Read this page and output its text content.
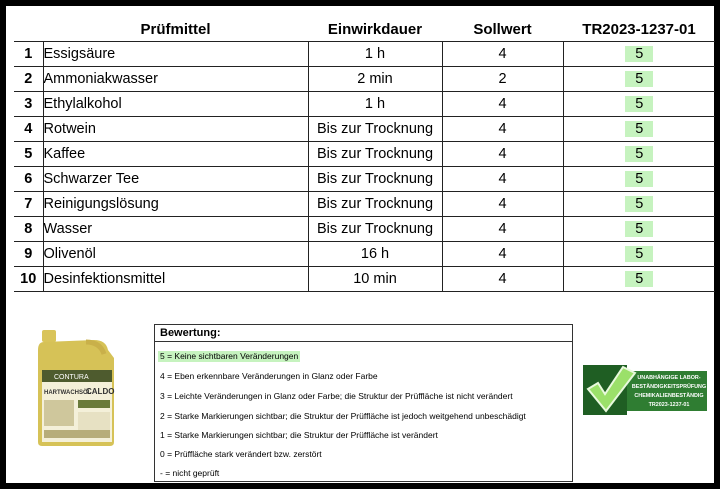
	Prüfmittel	Einwirkdauer	Sollwert	TR2023-1237-01
1	Essigsäure	1 h	4	5
2	Ammoniakwasser	2 min	2	5
3	Ethylalkohol	1 h	4	5
4	Rotwein	Bis zur Trocknung	4	5
5	Kaffee	Bis zur Trocknung	4	5
6	Schwarzer Tee	Bis zur Trocknung	4	5
7	Reinigungslösung	Bis zur Trocknung	4	5
8	Wasser	Bis zur Trocknung	4	5
9	Olivenöl	16 h	4	5
10	Desinfektionsmittel	10 min	4	5
CONTURA
HARTWACHSÖL
CALDO
Bewertung:
5 = Keine sichtbaren Veränderungen
4 = Eben erkennbare Veränderungen in Glanz oder Farbe
3 = Leichte Veränderungen in Glanz oder Farbe; die Struktur der Prüffläche ist nicht verändert
2 = Starke Markierungen sichtbar; die Struktur der Prüffläche ist jedoch weitgehend unbeschädigt
1 = Starke Markierungen sichtbar; die Struktur der Prüffläche ist verändert
0 = Prüffläche stark verändert bzw. zerstört
- = nicht geprüft
UNABHÄNGIGE LABOR-
BESTÄNDIGKEITSPRÜFUNG
CHEMIKALIENBESTÄNDIG
TR2023-1237-01
